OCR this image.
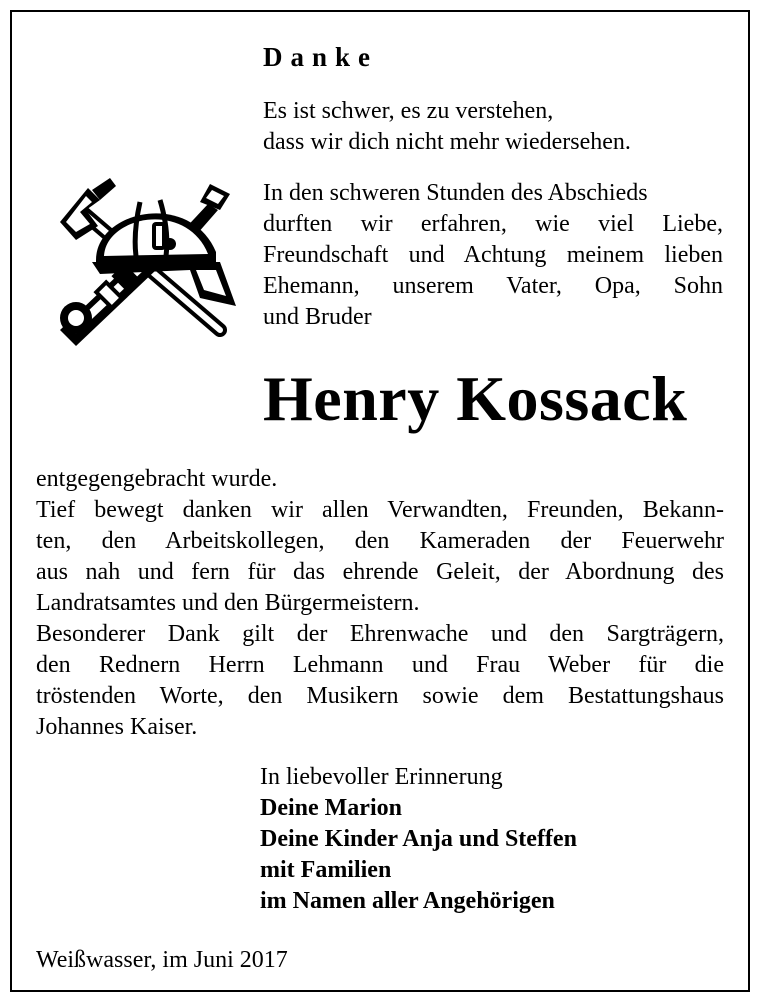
Danke

Es ist schwer, es zu verstehen,

dass wir dich nicht mehr wiedersehen.

In den schweren Stunden des Abschieds

durften wir erfahren, wie viel Liebe,

Freundschaft und Achtung meinem lieben

Ehemann, unserem Vater, Opa, Sohn

und Bruder

Henry Kossack
entgegengebracht wurde.
Tief bewegt danken wir allen Verwandten, Freunden, Bekann-
ten, den Arbeitskollegen, den Kameraden der Feuerwehr
aus nah und fern für das ehrende Geleit, der Abordnung des
Landratsamtes und den Bürgermeistern.
Besonderer Dank gilt der Ehrenwache und den Sargträgern,
den Rednern Herrn Lehmann und Frau Weber für die
tröstenden Worte, den Musikern sowie dem Bestattungshaus
Johannes Kaiser.
In liebevoller Erinnerung
Deine Marion
Deine Kinder Anja und Steffen
mit Familien
im Namen aller Angehörigen
Weißwasser, im Juni 2017
